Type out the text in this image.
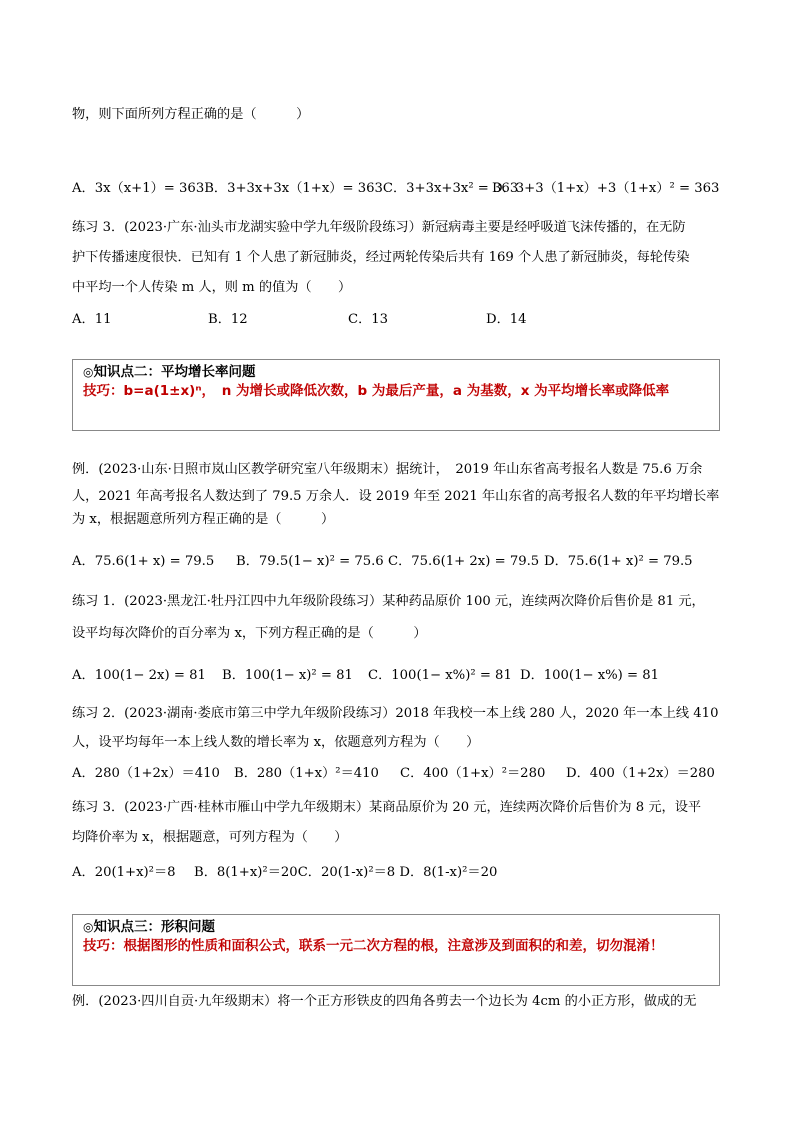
物，则下面所列方程正确的是（　　　）
A．3x（x+1）= 363B．3+3x+3x（1+x）= 363C．3+3x+3x² = 363
D．3+3（1+x）+3（1+x）² = 363
练习 3．(2023·广东·汕头市龙湖实验中学九年级阶段练习）新冠病毒主要是经呼吸道飞沫传播的，在无防
护下传播速度很快．已知有 1 个人患了新冠肺炎，经过两轮传染后共有 169 个人患了新冠肺炎，每轮传染
中平均一个人传染 m 人，则 m 的值为（　　）
A．11	B．12	C．13	D．14
◎知识点二：平均增长率问题
技巧：b=a(1±x)ⁿ，　n 为增长或降低次数，b 为最后产量，a 为基数，x 为平均增长率或降低率
例．(2023·山东·日照市岚山区教学研究室八年级期末）据统计，　2019 年山东省高考报名人数是 75.6 万余
人，2021 年高考报名人数达到了 79.5 万余人．设 2019 年至 2021 年山东省的高考报名人数的年平均增长率
为 x，根据题意所列方程正确的是（　　　）
A．75.6(1+ x) = 79.5 B．79.5(1− x)² = 75.6 C．75.6(1+ 2x) = 79.5 D．75.6(1+ x)² = 79.5
练习 1．(2023·黑龙江·牡丹江四中九年级阶段练习）某种药品原价 100 元，连续两次降价后售价是 81 元，
设平均每次降价的百分率为 x，下列方程正确的是（　　　）
A．100(1− 2x) = 81 B．100(1− x)² = 81 C．100(1− x%)² = 81 D．100(1− x%) = 81
练习 2．(2023·湖南·娄底市第三中学九年级阶段练习）2018 年我校一本上线 280 人，2020 年一本上线 410
人，设平均每年一本上线人数的增长率为 x，依题意列方程为（　　）
A．280（1+2x）＝410 B．280（1+x）²＝410 C．400（1+x）²＝280 D．400（1+2x）＝280
练习 3．(2023·广西·桂林市雁山中学九年级期末）某商品原价为 20 元，连续两次降价后售价为 8 元，设平
均降价率为 x，根据题意，可列方程为（　　）
A．20(1+x)²＝8 B．8(1+x)²＝20C．20(1-x)²＝8 D．8(1-x)²＝20
◎知识点三：形积问题
技巧：根据图形的性质和面积公式，联系一元二次方程的根，注意涉及到面积的和差，切勿混淆！
例．(2023·四川自贡·九年级期末）将一个正方形铁皮的四角各剪去一个边长为 4cm 的小正方形，做成的无
